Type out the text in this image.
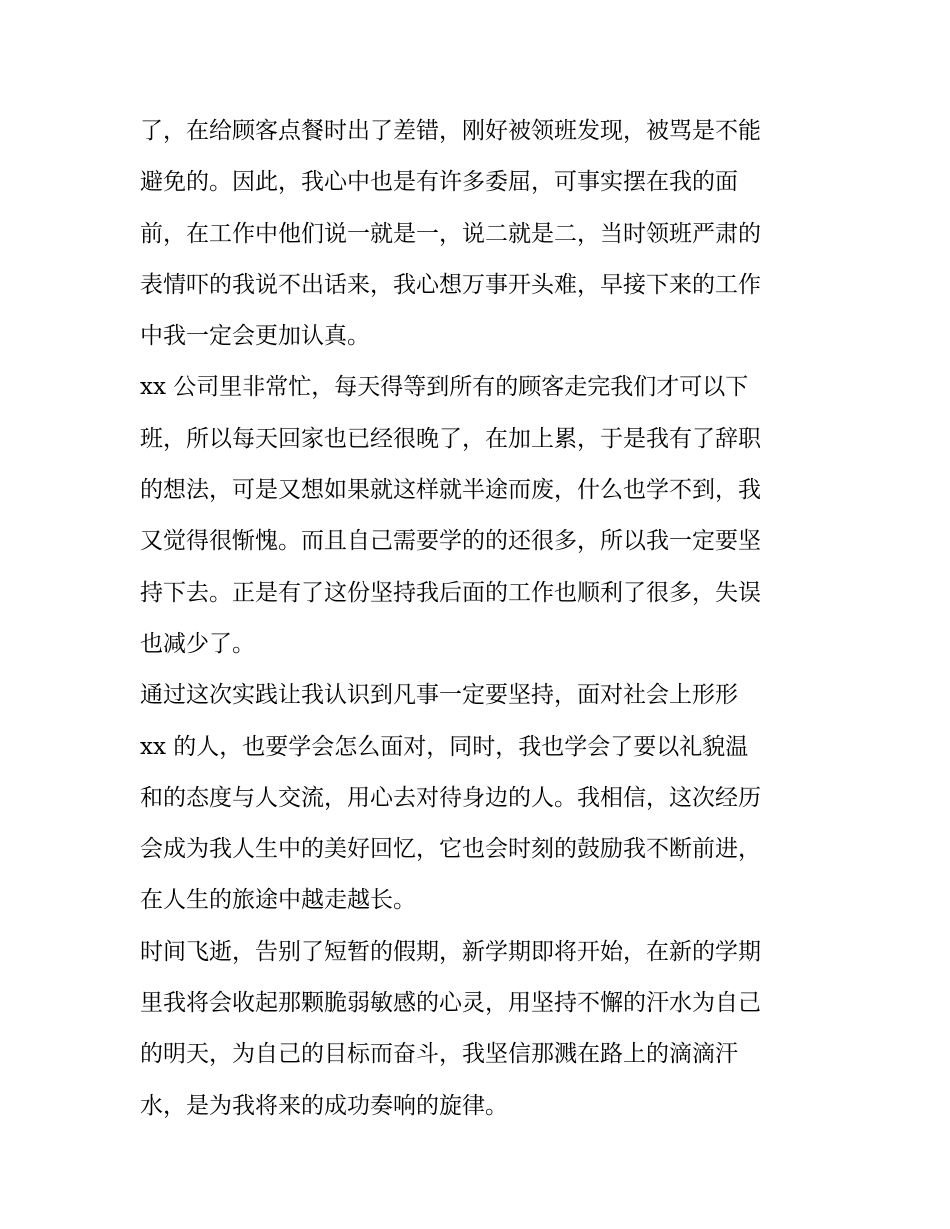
了，在给顾客点餐时出了差错，刚好被领班发现，被骂是不能
避免的。因此，我心中也是有许多委屈，可事实摆在我的面
前，在工作中他们说一就是一，说二就是二，当时领班严肃的
表情吓的我说不出话来，我心想万事开头难，早接下来的工作
中我一定会更加认真。
xx 公司里非常忙，每天得等到所有的顾客走完我们才可以下
班，所以每天回家也已经很晚了，在加上累，于是我有了辞职
的想法，可是又想如果就这样就半途而废，什么也学不到，我
又觉得很惭愧。而且自己需要学的的还很多，所以我一定要坚
持下去。正是有了这份坚持我后面的工作也顺利了很多，失误
也减少了。
通过这次实践让我认识到凡事一定要坚持，面对社会上形形
xx 的人，也要学会怎么面对，同时，我也学会了要以礼貌温
和的态度与人交流，用心去对待身边的人。我相信，这次经历
会成为我人生中的美好回忆，它也会时刻的鼓励我不断前进，
在人生的旅途中越走越长。
时间飞逝，告别了短暂的假期，新学期即将开始，在新的学期
里我将会收起那颗脆弱敏感的心灵，用坚持不懈的汗水为自己
的明天，为自己的目标而奋斗，我坚信那溅在路上的滴滴汗
水，是为我将来的成功奏响的旋律。
